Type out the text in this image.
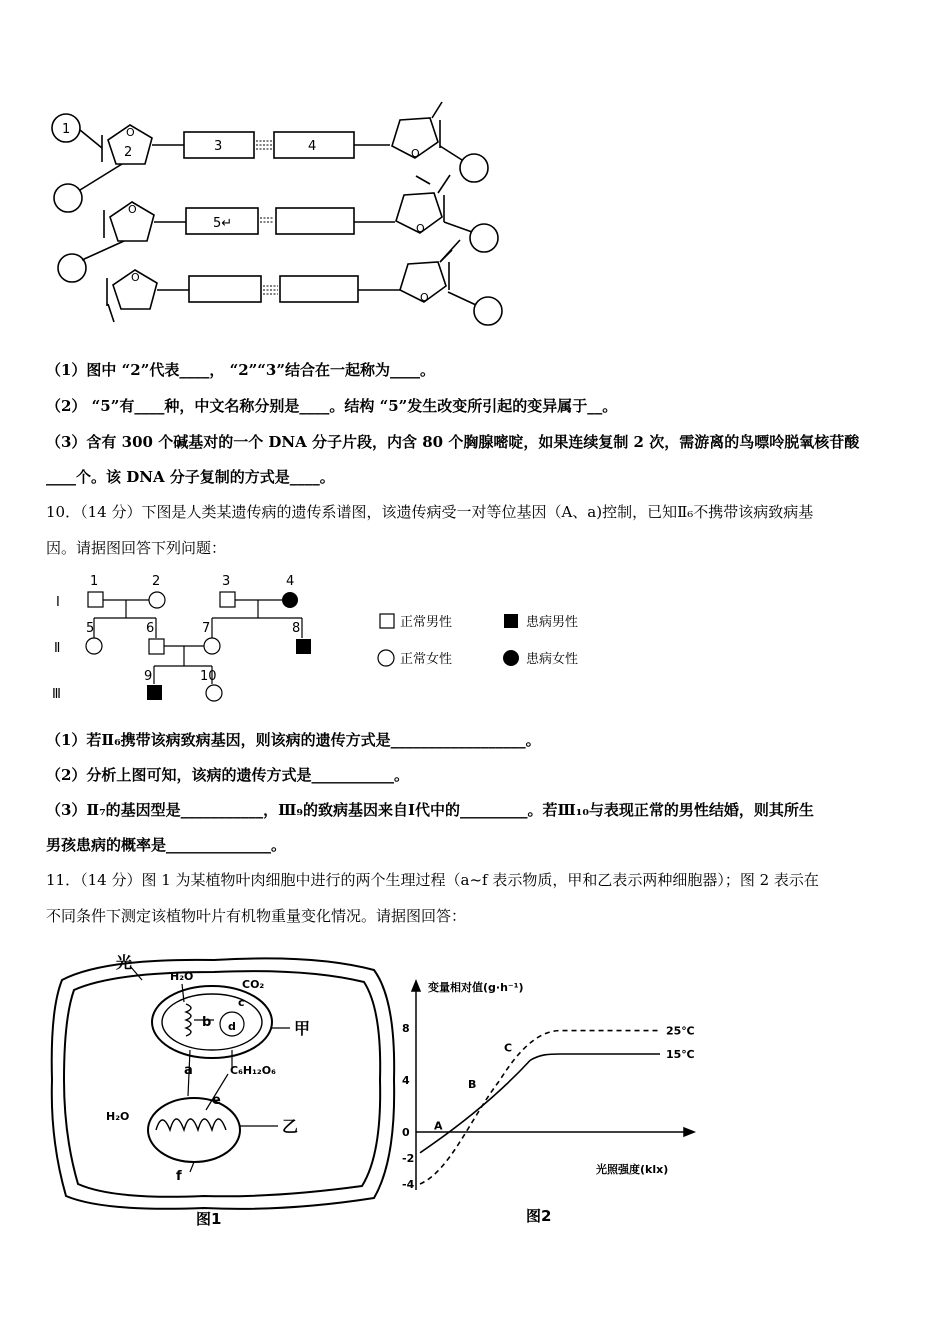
1
2	3	4
5↵
O
O
O
O
O
O
（1）图中 “2”代表____， “2”“3”结合在一起称为____。
（2） “5”有____种，中文名称分别是____。结构 “5”发生改变所引起的变异属于__。
（3）含有 300 个碱基对的一个 DNA 分子片段，内含 80 个胸腺嘧啶，如果连续复制 2 次，需游离的鸟嘌呤脱氧核苷酸
____个。该 DNA 分子复制的方式是____。
10．（14 分）下图是人类某遗传病的遗传系谱图，该遗传病受一对等位基因（A、a)控制，已知Ⅱ₆不携带该病致病基
因。请据图回答下列问题：
Ⅰ
Ⅱ
Ⅲ
1	2	3	4
5	6	7	8
9	10
正常男性	患病男性
正常女性	患病女性
（1）若Ⅱ₆携带该病致病基因，则该病的遗传方式是__________________。
（2）分析上图可知，该病的遗传方式是___________。
（3）Ⅱ₇的基因型是___________，Ⅲ₉的致病基因来自Ⅰ代中的_________。若Ⅲ₁₀与表现正常的男性结婚，则其所生
男孩患病的概率是______________。
11．（14 分）图 1 为某植物叶肉细胞中进行的两个生理过程（a~f 表示物质，甲和乙表示两种细胞器）；图 2 表示在
不同条件下测定该植物叶片有机物重量变化情况。请据图回答：
光
H₂O
CO₂
b
c
d	甲
a	C₆H₁₂O₆
e
H₂O
乙
f
图1
8
4
0
-2
-4
25℃
15℃
A
B
C
变量相对值(g·h⁻¹)
光照强度(klx)
图2
